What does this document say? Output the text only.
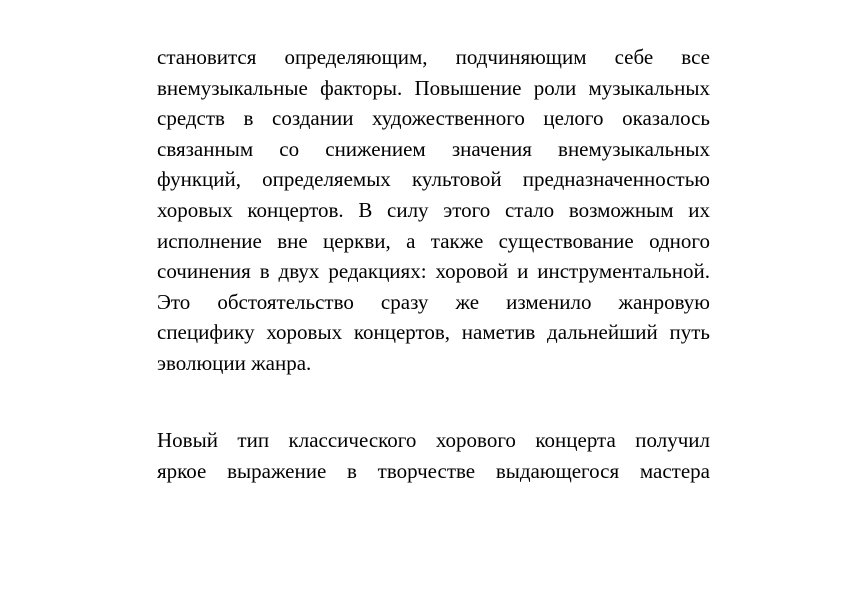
становится определяющим, подчиняющим себе все
внемузыкальные факторы. Повышение роли музыкальных
средств в создании художественного целого оказалось
связанным со снижением значения внемузыкальных
функций, определяемых культовой предназначенностью
хоровых концертов. В силу этого стало возможным их
исполнение вне церкви, а также существование одного
сочинения в двух редакциях: хоровой и инструментальной.
Это обстоятельство сразу же изменило жанровую
специфику хоровых концертов, наметив дальнейший путь
эволюции жанра.
Новый тип классического хорового концерта получил
яркое выражение в творчестве выдающегося мастера
